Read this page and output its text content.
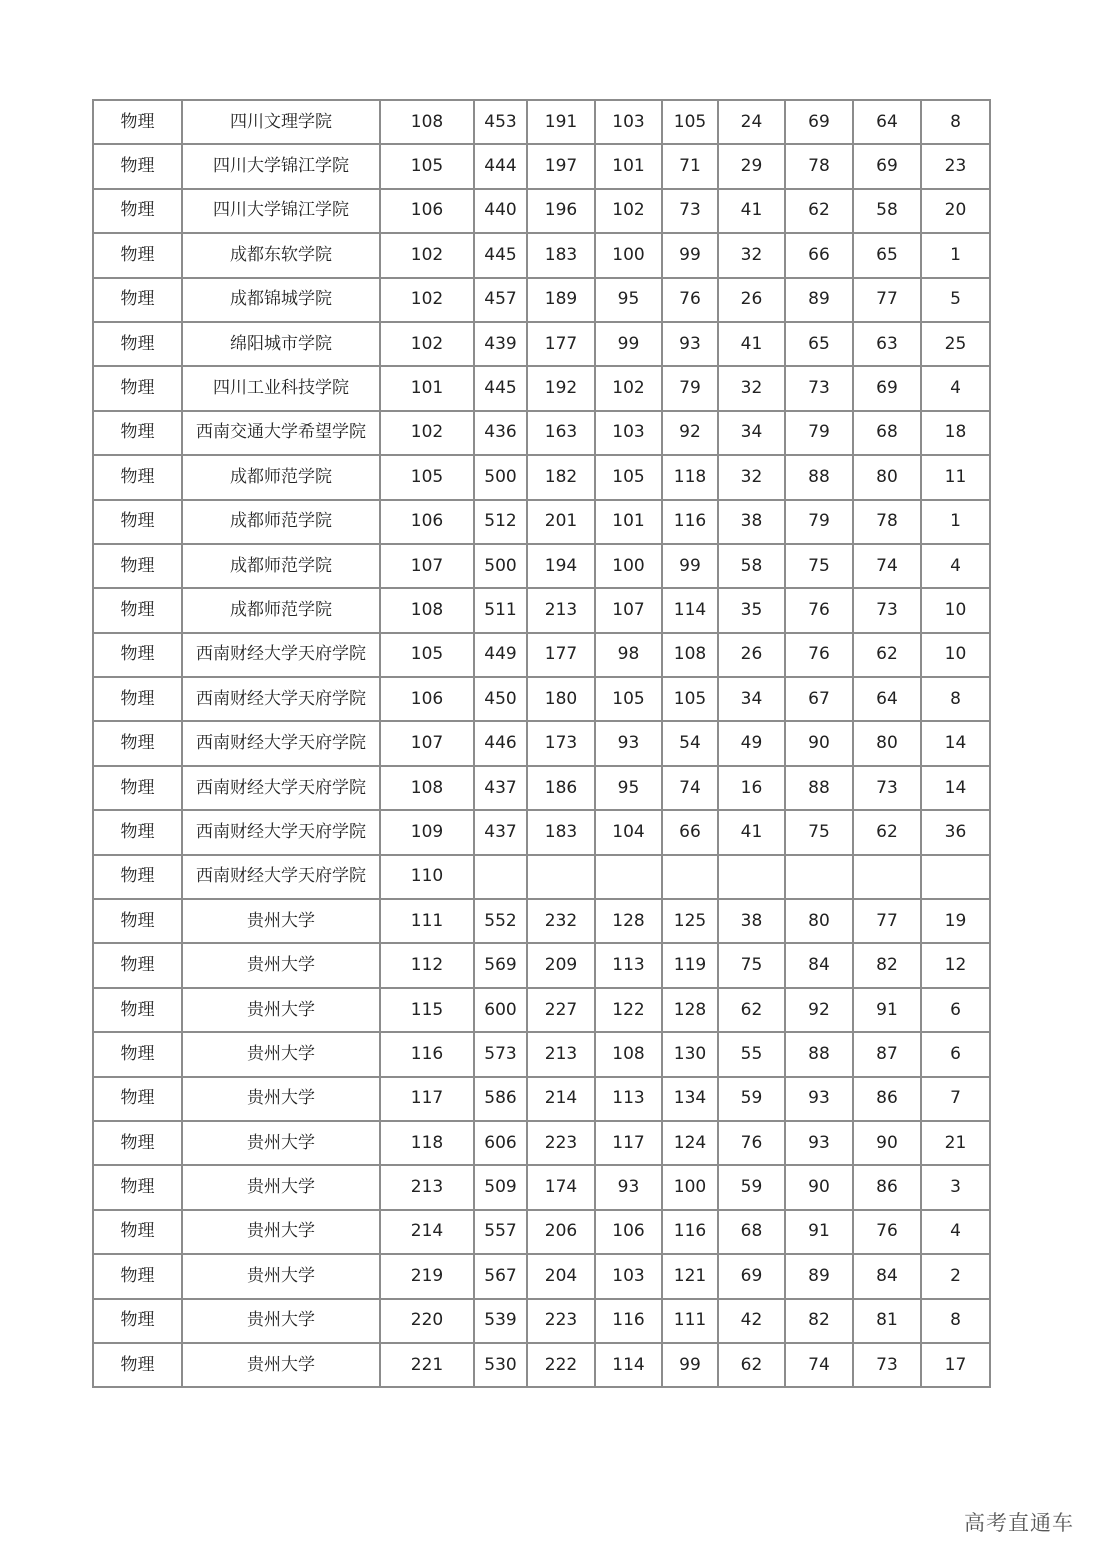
物理	四川文理学院	108	453	191	103	105	24	69	64	8
物理	四川大学锦江学院	105	444	197	101	71	29	78	69	23
物理	四川大学锦江学院	106	440	196	102	73	41	62	58	20
物理	成都东软学院	102	445	183	100	99	32	66	65	1
物理	成都锦城学院	102	457	189	95	76	26	89	77	5
物理	绵阳城市学院	102	439	177	99	93	41	65	63	25
物理	四川工业科技学院	101	445	192	102	79	32	73	69	4
物理	西南交通大学希望学院	102	436	163	103	92	34	79	68	18
物理	成都师范学院	105	500	182	105	118	32	88	80	11
物理	成都师范学院	106	512	201	101	116	38	79	78	1
物理	成都师范学院	107	500	194	100	99	58	75	74	4
物理	成都师范学院	108	511	213	107	114	35	76	73	10
物理	西南财经大学天府学院	105	449	177	98	108	26	76	62	10
物理	西南财经大学天府学院	106	450	180	105	105	34	67	64	8
物理	西南财经大学天府学院	107	446	173	93	54	49	90	80	14
物理	西南财经大学天府学院	108	437	186	95	74	16	88	73	14
物理	西南财经大学天府学院	109	437	183	104	66	41	75	62	36
物理	西南财经大学天府学院	110								
物理	贵州大学	111	552	232	128	125	38	80	77	19
物理	贵州大学	112	569	209	113	119	75	84	82	12
物理	贵州大学	115	600	227	122	128	62	92	91	6
物理	贵州大学	116	573	213	108	130	55	88	87	6
物理	贵州大学	117	586	214	113	134	59	93	86	7
物理	贵州大学	118	606	223	117	124	76	93	90	21
物理	贵州大学	213	509	174	93	100	59	90	86	3
物理	贵州大学	214	557	206	106	116	68	91	76	4
物理	贵州大学	219	567	204	103	121	69	89	84	2
物理	贵州大学	220	539	223	116	111	42	82	81	8
物理	贵州大学	221	530	222	114	99	62	74	73	17
高考直通车
